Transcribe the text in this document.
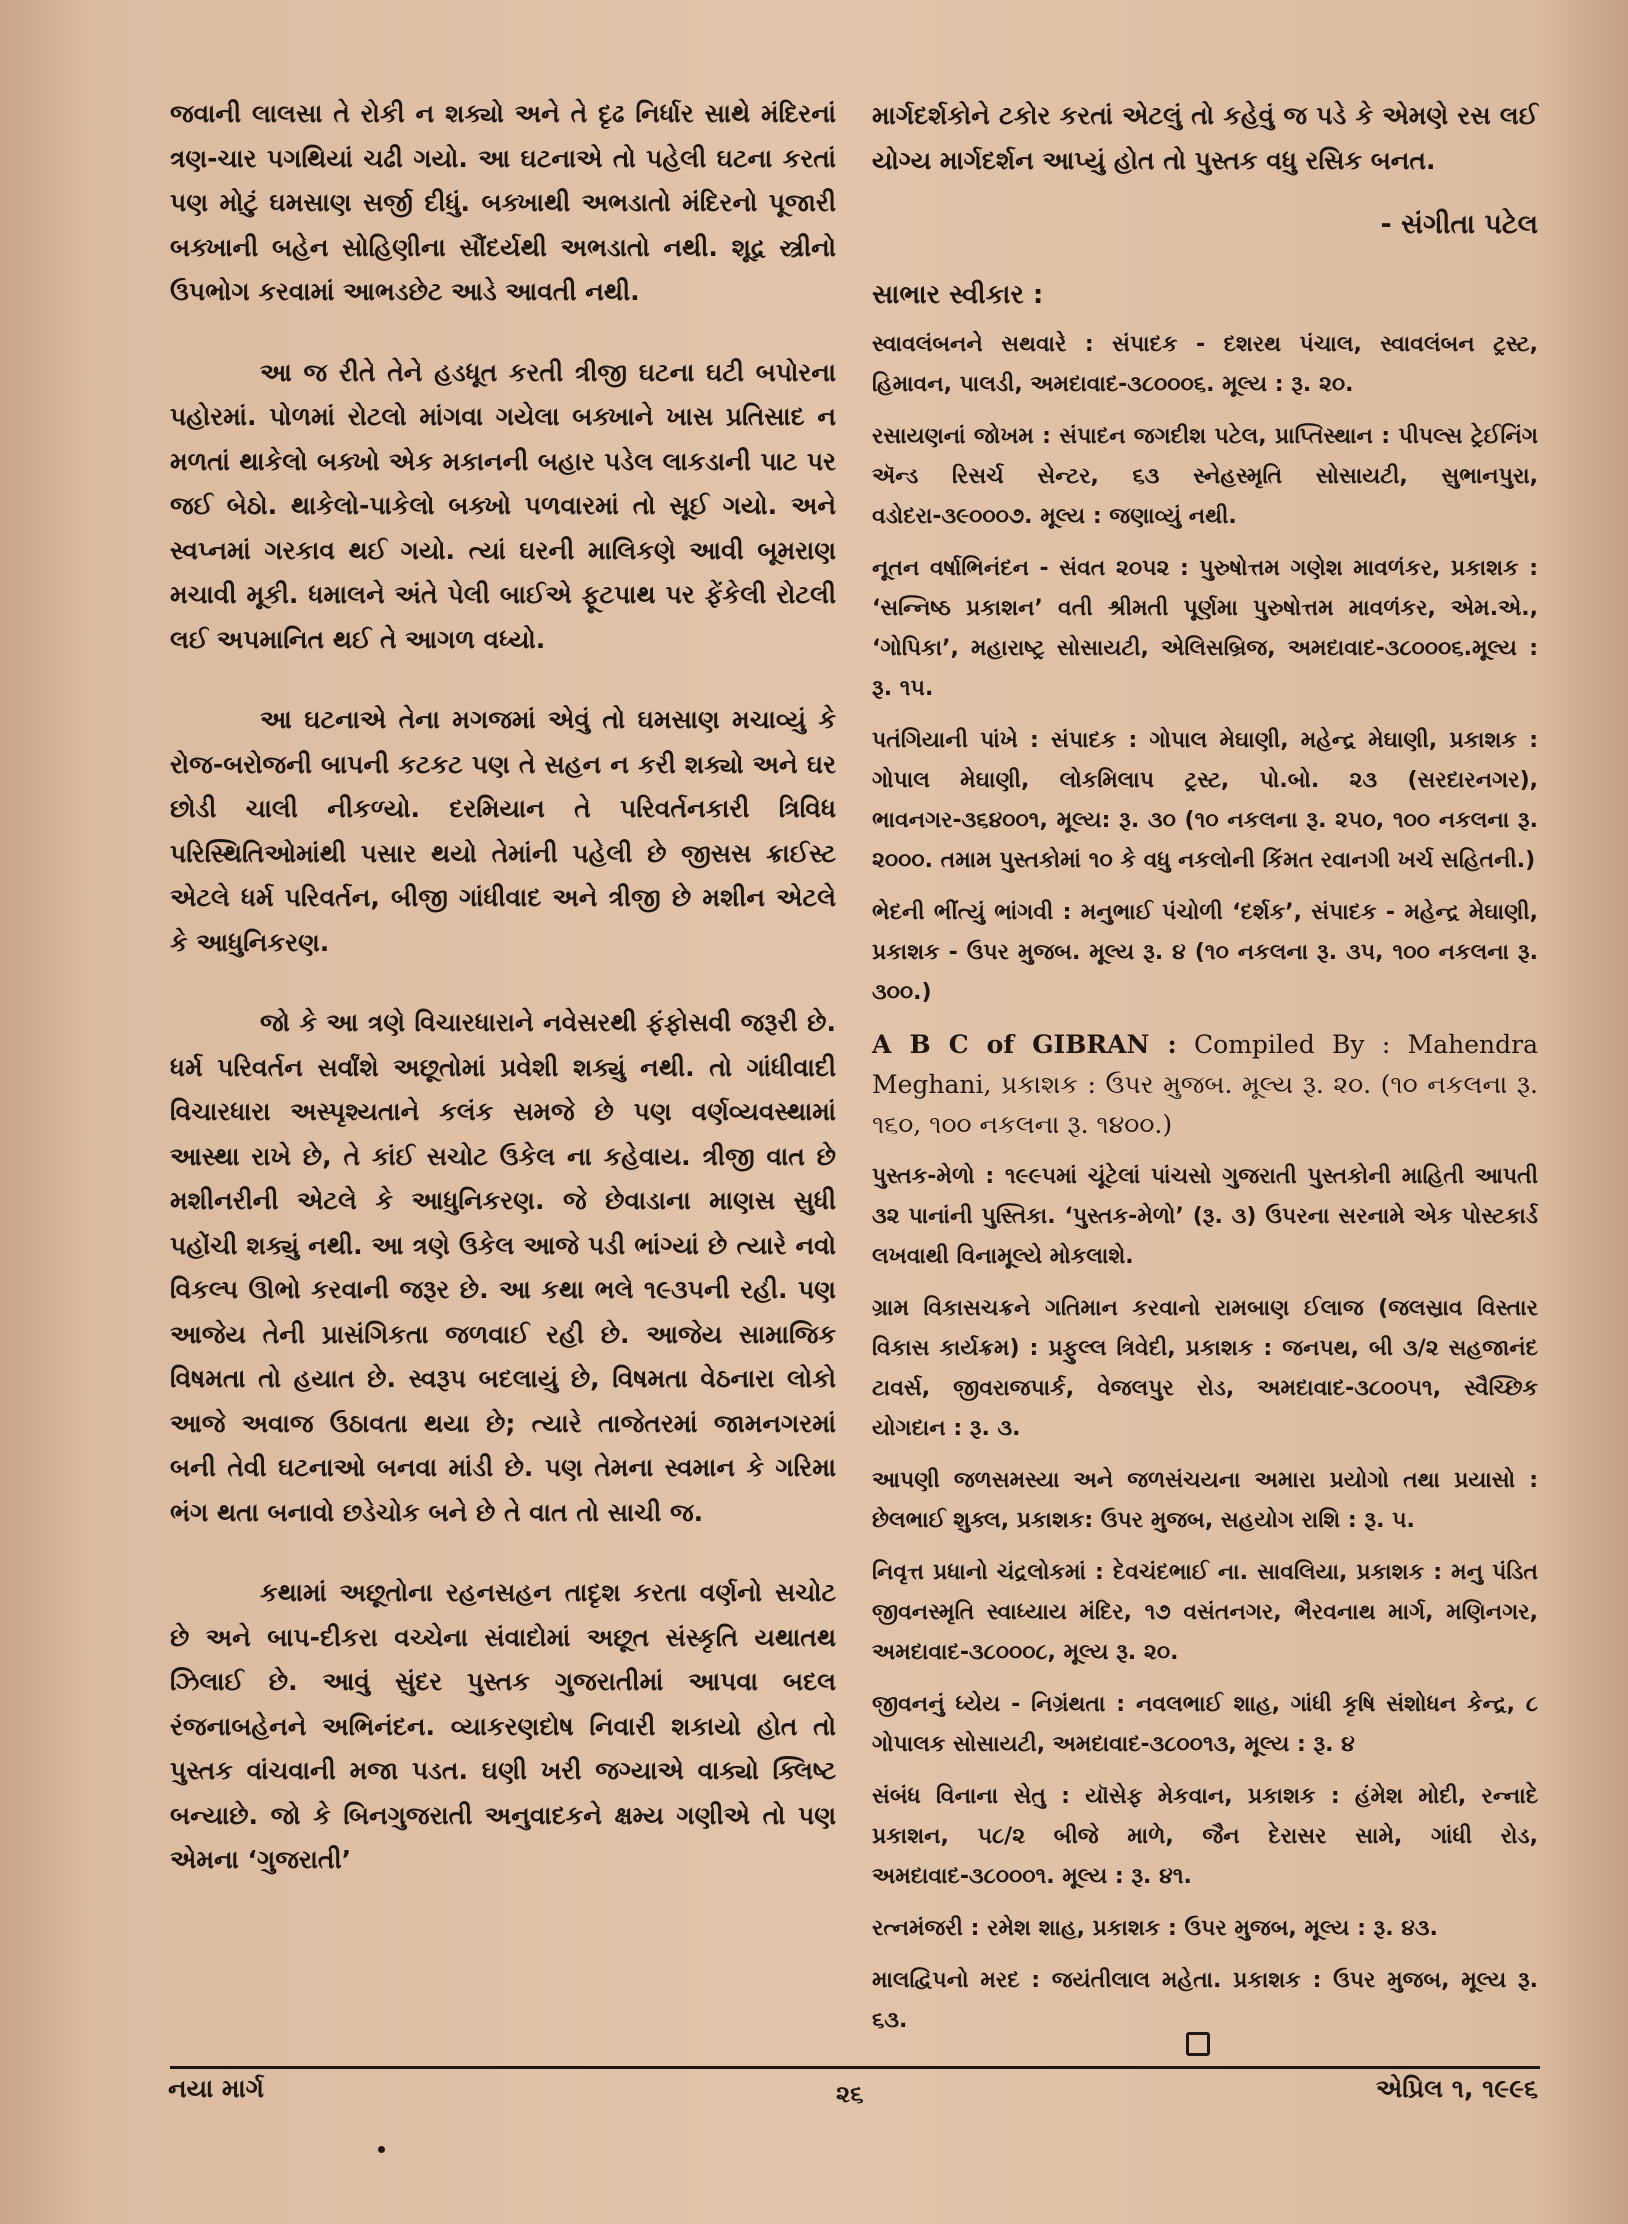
જવાની લાલસા તે રોકી ન શક્યો અને તે દૃઢ નિર્ધાર સાથે મંદિરનાં ત્રણ-ચાર પગથિયાં ચઢી ગયો. આ ઘટનાએ તો પહેલી ઘટના કરતાં પણ મોટું ઘમસાણ સર્જી દીધું. બક્ખાથી અભડાતો મંદિરનો પૂજારી બક્ખાની બહેન સોહિણીના સૌંદર્યથી અભડાતો નથી. શૂદ્ર સ્ત્રીનો ઉપભોગ કરવામાં આભડછેટ આડે આવતી નથી.

આ જ રીતે તેને હડધૂત કરતી ત્રીજી ઘટના ઘટી બપોરના પહોરમાં. પોળમાં રોટલો માંગવા ગયેલા બક્ખાને ખાસ પ્રતિસાદ ન મળતાં થાકેલો બક્ખો એક મકાનની બહાર પડેલ લાકડાની પાટ પર જઈ બેઠો. થાકેલો-પાકેલો બક્ખો પળવારમાં તો સૂઈ ગયો. અને સ્વપ્નમાં ગરકાવ થઈ ગયો. ત્યાં ઘરની માલિકણે આવી બૂમરાણ મચાવી મૂકી. ધમાલને અંતે પેલી બાઈએ ફૂટપાથ પર ફેંકેલી રોટલી લઈ અપમાનિત થઈ તે આગળ વધ્યો.

આ ઘટનાએ તેના મગજમાં એવું તો ઘમસાણ મચાવ્યું કે રોજ-બરોજની બાપની કટકટ પણ તે સહન ન કરી શક્યો અને ઘર છોડી ચાલી નીકળ્યો. દરમિયાન તે પરિવર્તનકારી ત્રિવિધ પરિસ્થિતિઓમાંથી પસાર થયો તેમાંની પહેલી છે જીસસ ક્રાઈસ્ટ એટલે ધર્મ પરિવર્તન, બીજી ગાંધીવાદ અને ત્રીજી છે મશીન એટલે કે આધુનિકરણ.

જો કે આ ત્રણે વિચારધારાને નવેસરથી ફંફોસવી જરૂરી છે. ધર્મ પરિવર્તન સર્વાંશે અછૂતોમાં પ્રવેશી શક્યું નથી. તો ગાંધીવાદી વિચારધારા અસ્પૃશ્યતાને કલંક સમજે છે પણ વર્ણવ્યવસ્થામાં આસ્થા રાખે છે, તે કાંઈ સચોટ ઉકેલ ના કહેવાય. ત્રીજી વાત છે મશીનરીની એટલે કે આધુનિકરણ. જે છેવાડાના માણસ સુધી પહોંચી શક્યું નથી. આ ત્રણે ઉકેલ આજે પડી ભાંગ્યાં છે ત્યારે નવો વિકલ્પ ઊભો કરવાની જરૂર છે. આ કથા ભલે ૧૯૩૫ની રહી. પણ આજેય તેની પ્રાસંગિકતા જળવાઈ રહી છે. આજેય સામાજિક વિષમતા તો હયાત છે. સ્વરૂપ બદલાયું છે, વિષમતા વેઠનારા લોકો આજે અવાજ ઉઠાવતા થયા છે; ત્યારે તાજેતરમાં જામનગરમાં બની તેવી ઘટનાઓ બનવા માંડી છે. પણ તેમના સ્વમાન કે ગરિમા ભંગ થતા બનાવો છડેચોક બને છે તે વાત તો સાચી જ.

કથામાં અછૂતોના રહનસહન તાદૃશ કરતા વર્ણનો સચોટ છે અને બાપ-દીકરા વચ્ચેના સંવાદોમાં અછૂત સંસ્કૃતિ યથાતથ ઝિલાઈ છે. આવું સુંદર પુસ્તક ગુજરાતીમાં આપવા બદલ રંજનાબહેનને અભિનંદન. વ્યાકરણદોષ નિવારી શકાયો હોત તો પુસ્તક વાંચવાની મજા પડત. ઘણી ખરી જગ્યાએ વાક્યો ક્લિષ્ટ બન્યાછે. જો કે બિનગુજરાતી અનુવાદકને ક્ષમ્ય ગણીએ તો પણ એમના ‘ગુજરાતી’

માર્ગદર્શકોને ટકોર કરતાં એટલું તો કહેવું જ પડે કે એમણે રસ લઈ યોગ્ય માર્ગદર્શન આપ્યું હોત તો પુસ્તક વધુ રસિક બનત.

- સંગીતા પટેલ
સાભાર સ્વીકાર :
સ્વાવલંબનને સથવારે : સંપાદક - દશરથ પંચાલ, સ્વાવલંબન ટ્રસ્ટ, હિમાવન, પાલડી, અમદાવાદ-૩૮૦૦૦૬. મૂલ્ય : રૂ. ૨૦.
રસાયણનાં જોખમ : સંપાદન જગદીશ પટેલ, પ્રાપ્તિસ્થાન : પીપલ્સ ટ્રેઈનિંગ ઍન્ડ રિસર્ચ સેન્ટર, ૬૩ સ્નેહસ્મૃતિ સોસાયટી, સુભાનપુરા, વડોદરા-૩૯૦૦૦૭. મૂલ્ય : જણાવ્યું નથી.
નૂતન વર્ષાભિનંદન - સંવત ૨૦૫૨ : પુરુષોત્તમ ગણેશ માવળંકર, પ્રકાશક : ‘સન્નિષ્ઠ પ્રકાશન’ વતી શ્રીમતી પૂર્ણમા પુરુષોત્તમ માવળંકર, એમ.એ., ‘ગોપિકા’, મહારાષ્ટ્ર સોસાયટી, એલિસબ્રિજ, અમદાવાદ-૩૮૦૦૦૬.મૂલ્ય : રૂ. ૧૫.
પતંગિયાની પાંખે : સંપાદક : ગોપાલ મેઘાણી, મહેન્દ્ર મેઘાણી, પ્રકાશક : ગોપાલ મેઘાણી, લોકમિલાપ ટ્રસ્ટ, પો.બો. ૨૩ (સરદારનગર), ભાવનગર-૩૬૪૦૦૧, મૂલ્ય: રૂ. ૩૦ (૧૦ નકલના રૂ. ૨૫૦, ૧૦૦ નકલના રૂ. ૨૦૦૦. તમામ પુસ્તકોમાં ૧૦ કે વધુ નકલોની કિંમત રવાનગી ખર્ચ સહિતની.)
ભેદની ભીંત્યું ભાંગવી : મનુભાઈ પંચોળી ‘દર્શક’, સંપાદક - મહેન્દ્ર મેઘાણી, પ્રકાશક - ઉપર મુજબ. મૂલ્ય રૂ. ૪ (૧૦ નકલના રૂ. ૩૫, ૧૦૦ નકલના રૂ. ૩૦૦.)
A B C of GIBRAN : Compiled By : Mahendra Meghani, પ્રકાશક : ઉપર મુજબ. મૂલ્ય રૂ. ૨૦. (૧૦ નકલના રૂ. ૧૬૦, ૧૦૦ નકલના રૂ. ૧૪૦૦.)
પુસ્તક-મેળો : ૧૯૯૫માં ચૂંટેલાં પાંચસો ગુજરાતી પુસ્તકોની માહિતી આપતી ૩૨ પાનાંની પુસ્તિકા. ‘પુસ્તક-મેળો’ (રૂ. ૩) ઉપરના સરનામે એક પોસ્ટકાર્ડ લખવાથી વિનામૂલ્યે મોકલાશે.
ગ્રામ વિકાસચક્રને ગતિમાન કરવાનો રામબાણ ઈલાજ (જલસ્રાવ વિસ્તાર વિકાસ કાર્યક્રમ) : પ્રફુલ્લ ત્રિવેદી, પ્રકાશક : જનપથ, બી ૩/૨ સહજાનંદ ટાવર્સ, જીવરાજપાર્ક, વેજલપુર રોડ, અમદાવાદ-૩૮૦૦૫૧, સ્વૈચ્છિક યોગદાન : રૂ. ૩.
આપણી જળસમસ્યા અને જળસંચયના અમારા પ્રયોગો તથા પ્રયાસો : છેલભાઈ શુક્લ, પ્રકાશક: ઉપર મુજબ, સહયોગ રાશિ : રૂ. ૫.
નિવૃત્ત પ્રધાનો ચંદ્રલોકમાં : દેવચંદભાઈ ના. સાવલિયા, પ્રકાશક : મનુ પંડિત જીવનસ્મૃતિ સ્વાધ્યાય મંદિર, ૧૭ વસંતનગર, ભૈરવનાથ માર્ગ, મણિનગર, અમદાવાદ-૩૮૦૦૦૮, મૂલ્ય રૂ. ૨૦.
જીવનનું ધ્યેય - નિગ્રંથતા : નવલભાઈ શાહ, ગાંધી કૃષિ સંશોધન કેન્દ્ર, ૮ ગોપાલક સોસાયટી, અમદાવાદ-૩૮૦૦૧૩, મૂલ્ય : રૂ. ૪
સંબંધ વિનાના સેતુ : યૉસેફ મેકવાન, પ્રકાશક : હંમેશ મોદી, રન્નાદે પ્રકાશન, ૫૮/૨ બીજે માળે, જૈન દેરાસર સામે, ગાંધી રોડ, અમદાવાદ-૩૮૦૦૦૧. મૂલ્ય : રૂ. ૪૧.
રત્નમંજરી : રમેશ શાહ, પ્રકાશક : ઉપર મુજબ, મૂલ્ય : રૂ. ૪૩.
માલદ્વિપનો મરદ : જયંતીલાલ મહેતા. પ્રકાશક : ઉપર મુજબ, મૂલ્ય રૂ. ૬૩.
નયા માર્ગ	૨૬	એપ્રિલ ૧, ૧૯૯૬
